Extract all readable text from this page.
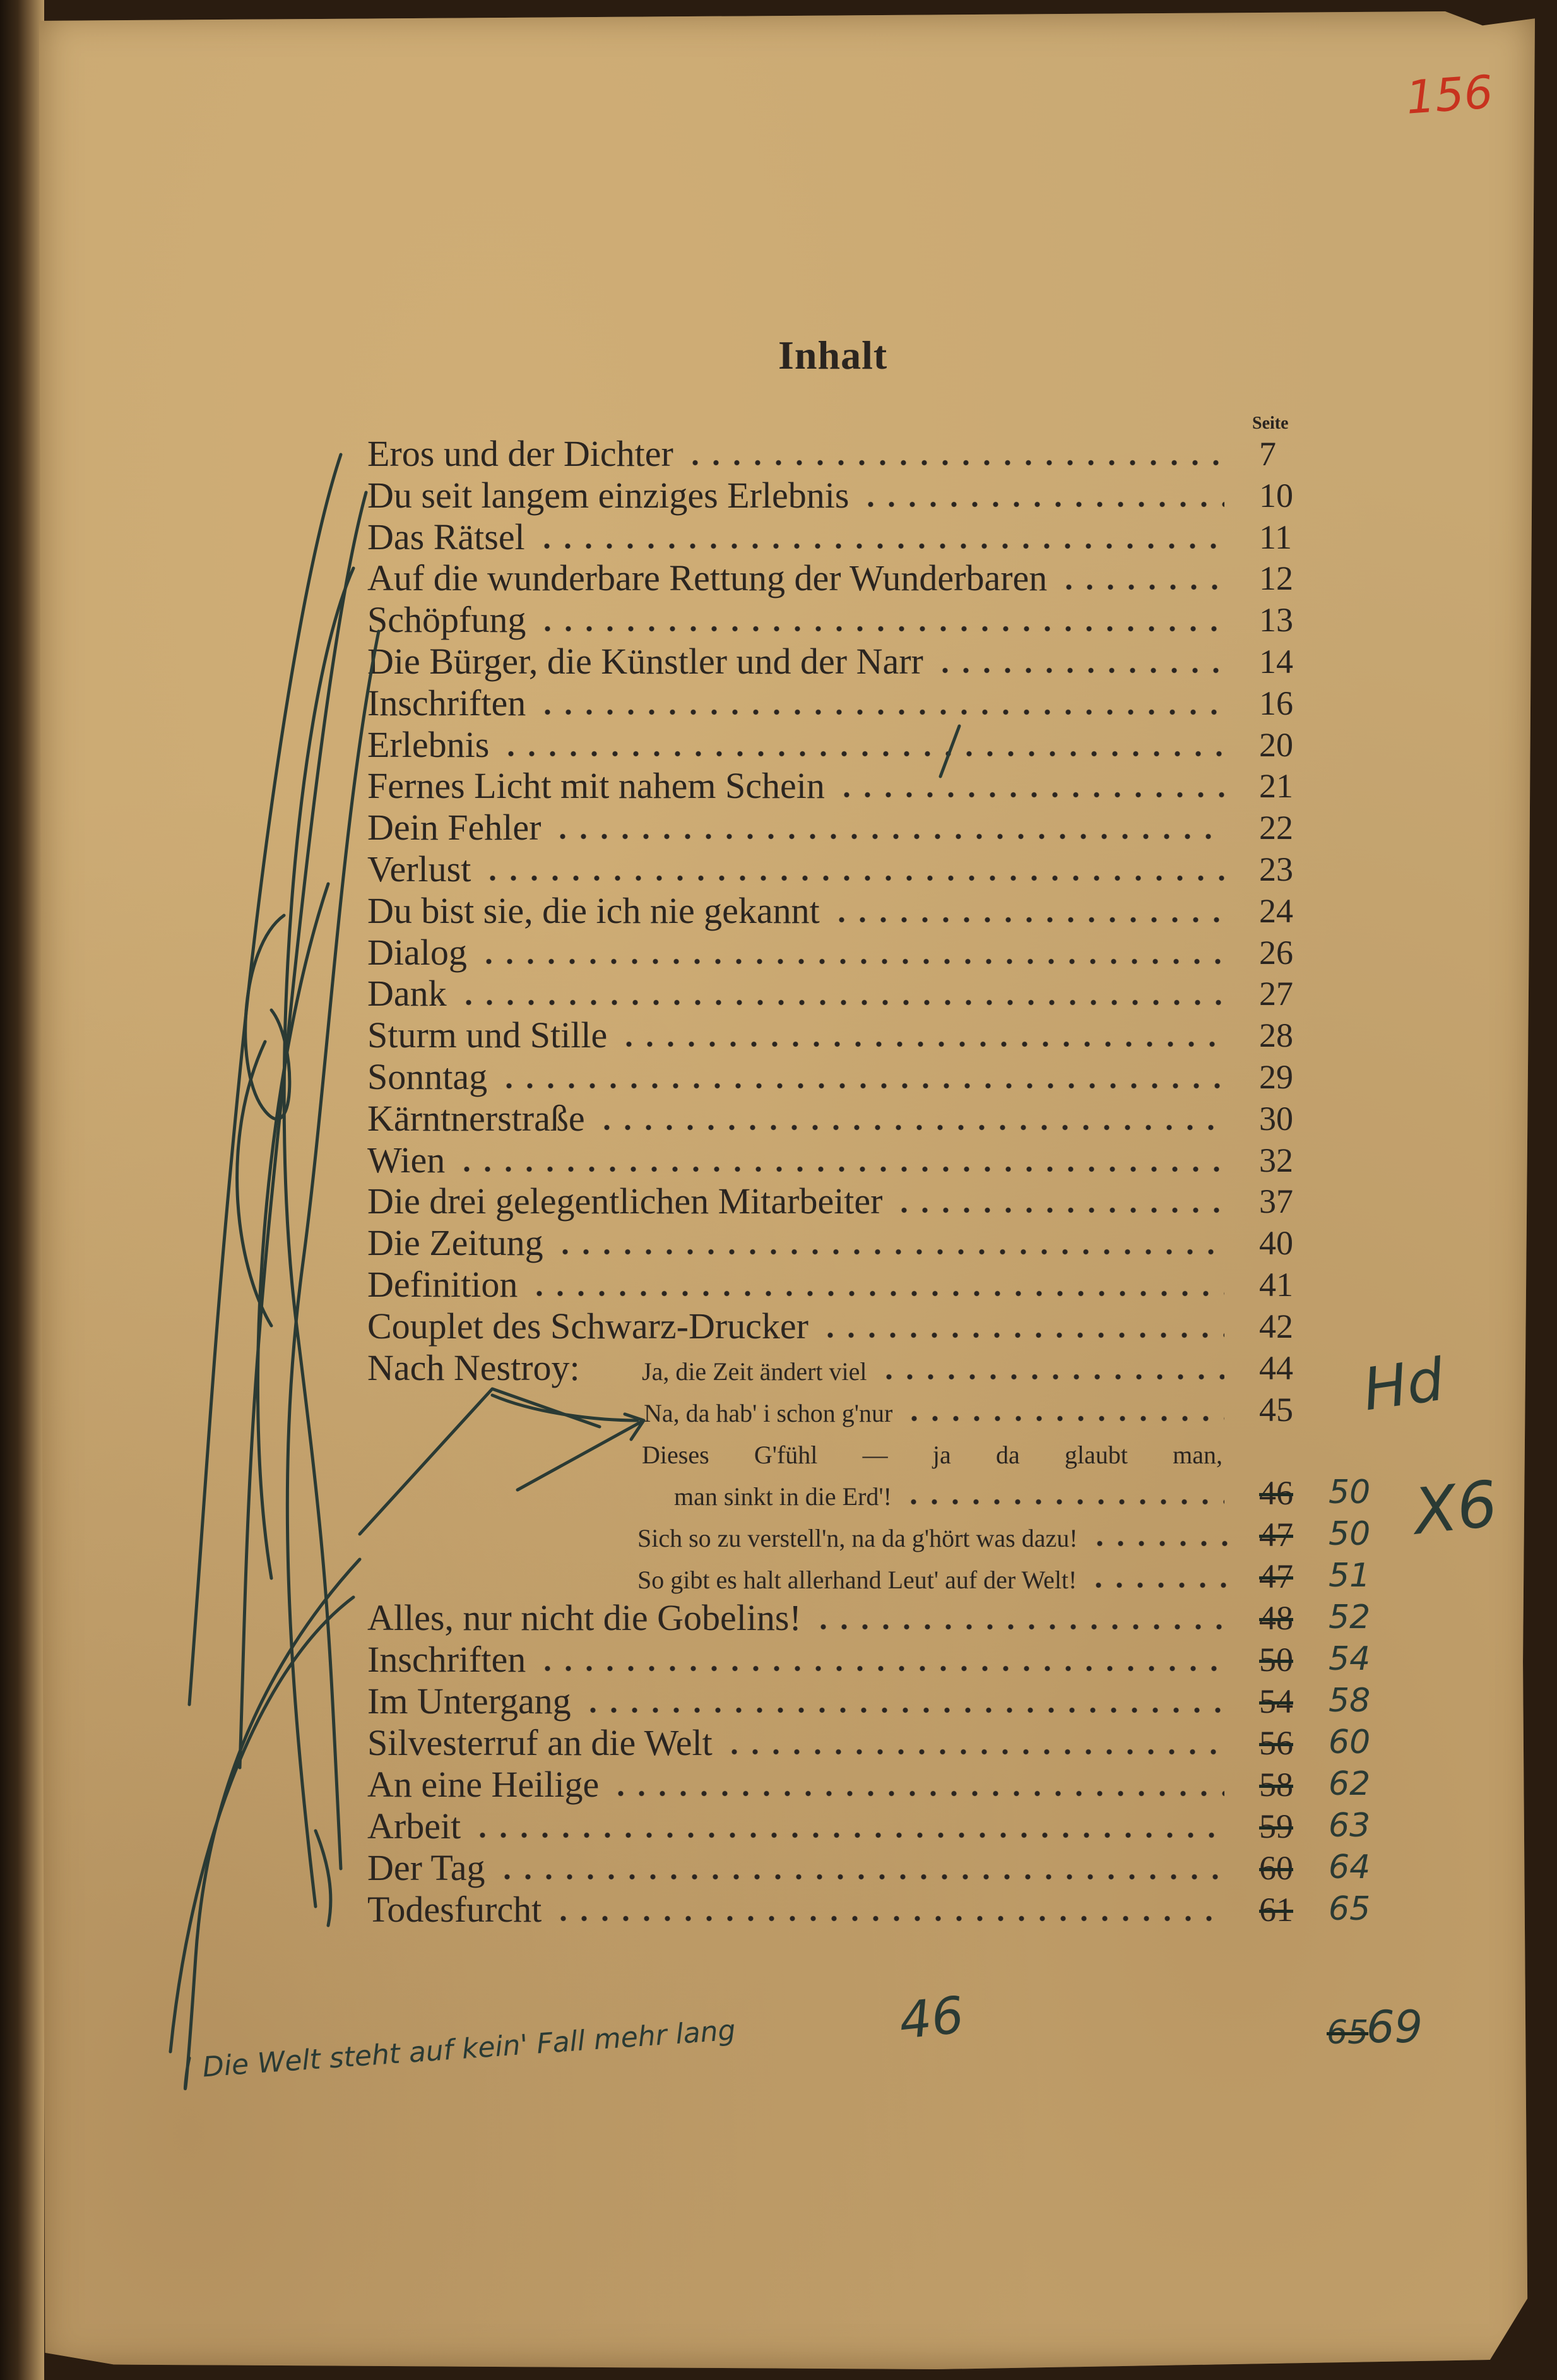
156
Inhalt
Seite
Eros und der Dichter	7
Du seit langem einziges Erlebnis	10
Das Rätsel	11
Auf die wunderbare Rettung der Wunderbaren	12
Schöpfung	13
Die Bürger, die Künstler und der Narr	14
Inschriften	16
Erlebnis	20
Fernes Licht mit nahem Schein	21
Dein Fehler	22
Verlust	23
Du bist sie, die ich nie gekannt	24
Dialog	26
Dank	27
Sturm und Stille	28
Sonntag	29
Kärntnerstraße	30
Wien	32
Die drei gelegentlichen Mitarbeiter	37
Die Zeitung	40
Definition	41
Couplet des Schwarz-Drucker	42
Nach Nestroy: Ja, die Zeit ändert viel	44
Na, da hab' i schon g'nur	45
Dieses G'fühl — ja da glaubt man,
man sinkt in die Erd'!	46 50
Sich so zu verstell'n, na da g'hört was dazu!	47 50
So gibt es halt allerhand Leut' auf der Welt!	47 51
Alles, nur nicht die Gobelins!	48 52
Inschriften	50 54
Im Untergang	54 58
Silvesterruf an die Welt	56 60
An eine Heilige	58 62
Arbeit	59 63
Der Tag	60 64
Todesfurcht	61 65
Die Welt steht auf kein' Fall mehr lang	46	65
69
Hd
X6
